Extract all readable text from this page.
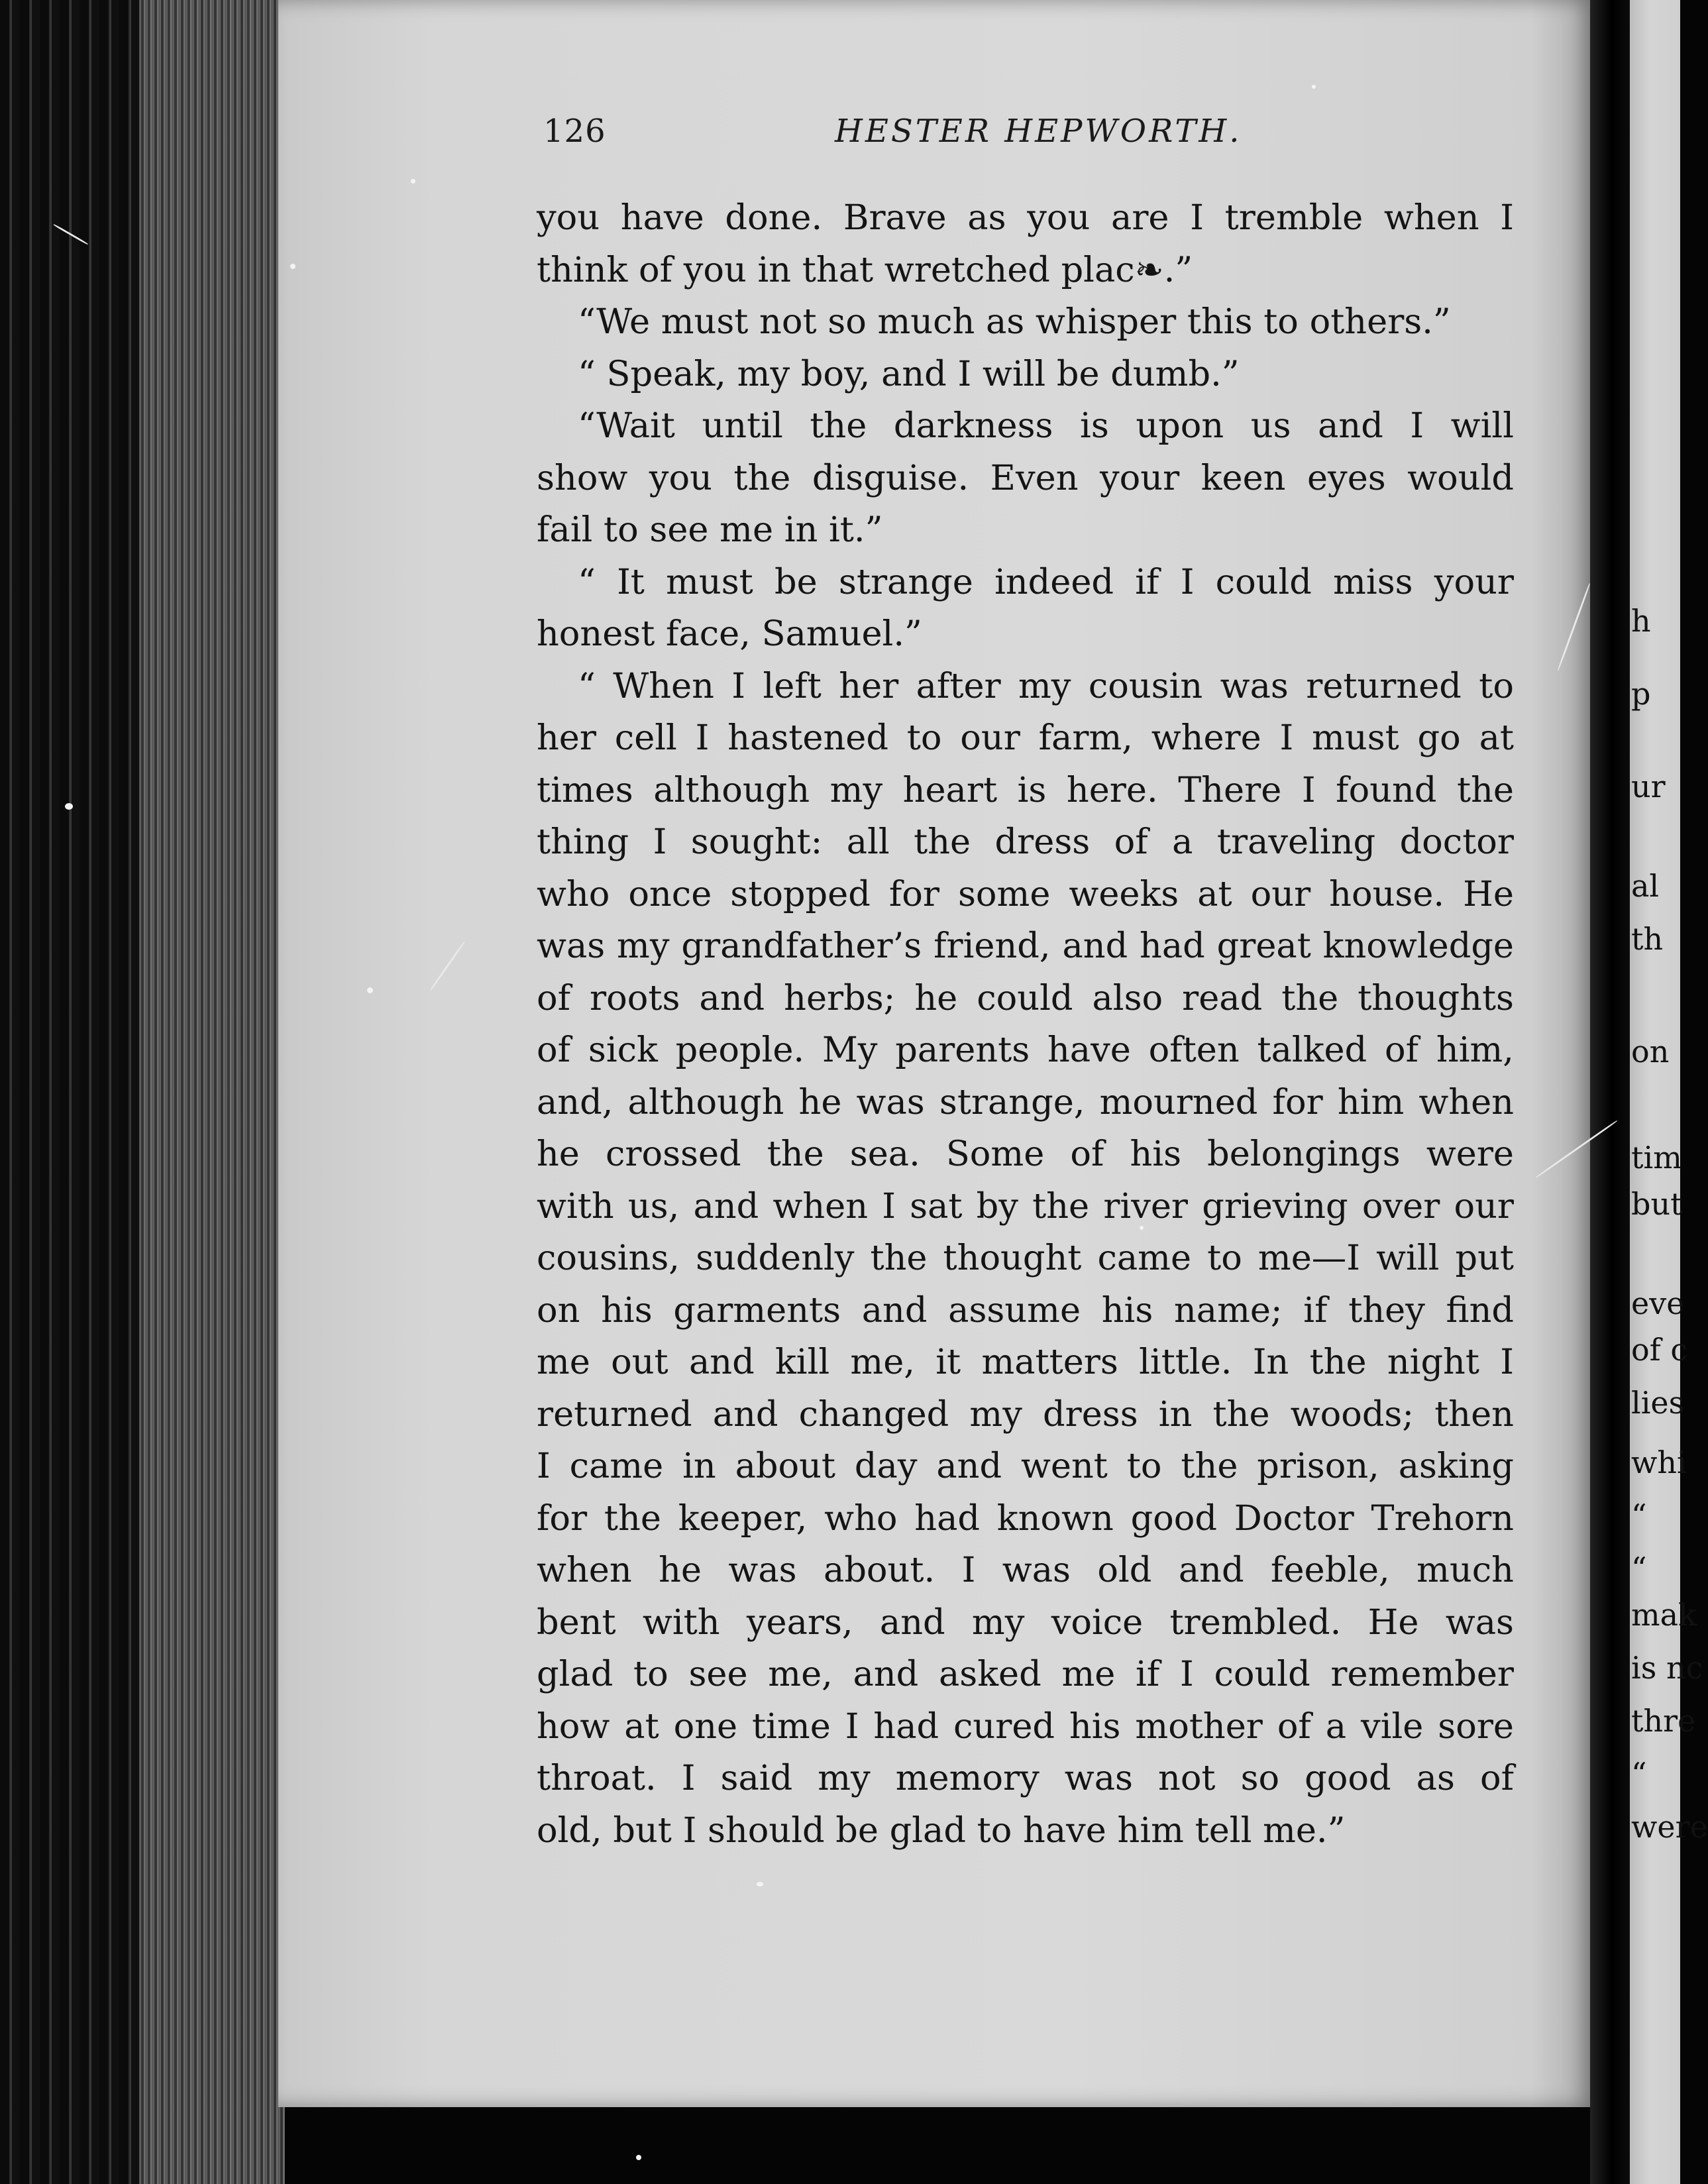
126	HESTER HEPWORTH.
you have done. Brave as you are I tremble when I
think of you in that wretched plac❧.”
“We must not so much as whisper this to others.”
“ Speak, my boy, and I will be dumb.”
“Wait until the darkness is upon us and I will
show you the disguise. Even your keen eyes would
fail to see me in it.”
“ It must be strange indeed if I could miss your
honest face, Samuel.”
“ When I left her after my cousin was returned to
her cell I hastened to our farm, where I must go at
times although my heart is here. There I found the
thing I sought: all the dress of a traveling doctor
who once stopped for some weeks at our house. He
was my grandfather’s friend, and had great knowledge
of roots and herbs; he could also read the thoughts
of sick people. My parents have often talked of him,
and, although he was strange, mourned for him when
he crossed the sea. Some of his belongings were
with us, and when I sat by the river grieving over our
cousins, suddenly the thought came to me—I will put
on his garments and assume his name; if they find
me out and kill me, it matters little. In the night I
returned and changed my dress in the woods; then
I came in about day and went to the prison, asking
for the keeper, who had known good Doctor Trehorn
when he was about. I was old and feeble, much
bent with years, and my voice trembled. He was
glad to see me, and asked me if I could remember
how at one time I had cured his mother of a vile sore
throat. I said my memory was not so good as of
old, but I should be glad to have him tell me.”
h
p
ur
al
th
on
tim
but
eve
of c
lies
whi
“
“
mak
is nc
thre
“
were
